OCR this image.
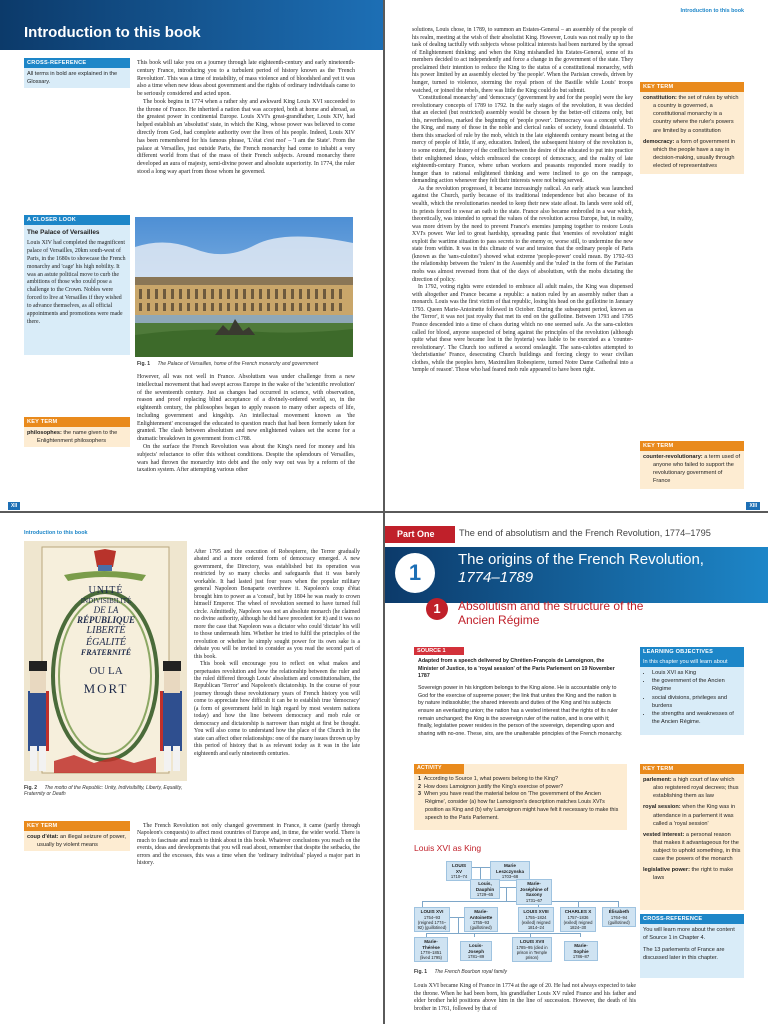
Introduction to this book
CROSS-REFERENCE
All terms in bold are explained in the Glossary.

This book will take you on a journey through late eighteenth-century and early nineteenth-century France, introducing you to a turbulent period of history known as the 'French Revolution'. This was a time of instability, of mass violence and of bloodshed and yet it was also a time when new ideas about government and the rights of ordinary individuals came to be seriously considered and acted upon.

The book begins in 1774 when a rather shy and awkward King Louis XVI succeeded to the throne of France. He inherited a nation that was accepted, both at home and abroad, as the greatest power in continental Europe. Louis XVI's great-grandfather, Louis XIV, had helped establish an 'absolutist' state, in which the King, whose power was believed to come directly from God, had complete authority over the lives of his people. Indeed, Louis XIV has been remembered for his famous phrase, 'L'état c'est moi' – 'I am the State'. From the palace at Versailles, just outside Paris, the French monarchy had come to inhabit a very different world from that of the mass of their French subjects. Around monarchy there developed an aura of majesty, semi-divine power and absolute superiority. In 1774, the ruler stood a long way apart from those whom he governed.

A CLOSER LOOK
The Palace of Versailles
Louis XIV had completed the magnificent palace of Versailles, 20km south-west of Paris, in the 1680s to showcase the French monarchy and 'cage' his high nobility. It was an astute political move to curb the ambitions of those who could pose a challenge to the Crown. Nobles were forced to live at Versailles if they wished to advance themselves, as all official appointments and promotions were made there.
Fig. 1 The Palace of Versailles, home of the French monarchy and government
KEY TERM
philosophes: the name given to the Enlightenment philosophers

However, all was not well in France. Absolutism was under challenge from a new intellectual movement that had swept across Europe in the wake of the 'scientific revolution' of the seventeenth century. Just as changes had occurred in science, with observation, reason and proof replacing blind acceptance of a divinely-ordered world, so, in the eighteenth century, the philosophes began to apply reason to many other aspects of life, including government and kingship. An intellectual movement known as 'the Enlightenment' encouraged the educated to question much that had been formerly taken for granted. The clash between absolutism and new enlightened values set the scene for a dramatic breakdown in government from c1788.

On the surface the French Revolution was about the King's need for money and his subjects' reluctance to offer this without conditions. Despite the splendours of Versailles, wars had thrown the monarchy into debt and the only way out was by a reform of the taxation system. After attempting various other

XII
Introduction to this book

solutions, Louis chose, in 1789, to summon an Estates-General – an assembly of the people of his realm, meeting at the wish of their absolutist King. However, Louis was not really up to the task of dealing tactfully with subjects whose political interests had been nurtured by the spread of Enlightenment thinking; and when the King mishandled his Estates-General, some of its members decided to act independently and force a change in the government of the state. They proclaimed their intention to reduce the King to the status of a constitutional monarchy, with his power limited by an assembly elected by 'the people'. When the Parisian crowds, driven by hunger, turned to violence, storming the royal prison of the Bastille while Louis' troops watched, or joined the rebels, there was little the King could do but submit.

'Constitutional monarchy' and 'democracy' (government by and for the people) were the key revolutionary concepts of 1789 to 1792. In the early stages of the revolution, it was decided that an elected (but restricted) assembly would be chosen by the better-off citizens only, but this, nevertheless, marked the beginning of 'people power'. Democracy was a concept which the King, and many of those in the noble and clerical ranks of society, found distasteful. To them this smacked of rule by the mob, which in the late eighteenth century meant being at the mercy of people of little, if any, education. Indeed, the subsequent history of the revolution is, to some extent, the history of the conflict between the desire of the educated to put into practice their enlightened ideas, which embraced the concept of democracy, and the reality of late eighteenth-century France, where urban workers and peasants responded more readily to hunger than to rational enlightened thinking and were inclined to go on the rampage, demanding action whenever they felt their interests were not being served.

As the revolution progressed, it became increasingly radical. An early attack was launched against the Church, partly because of its traditional independence but also because of its wealth, which the revolutionaries needed to keep their new state afloat. Its lands were sold off, its priests forced to swear an oath to the state. France also became embroiled in a war which, theoretically, was intended to spread the values of the revolution across Europe, but, in reality, was more driven by the need to prevent France's enemies jumping together to restore Louis XVI's power. War led to great hardship, spreading panic that 'enemies of revolution' might exploit the wartime situation to pass secrets to the enemy or, worse still, to undermine the new state from within. It was in this climate of war and tension that the ordinary people of Paris (known as the 'sans-culottes') showed what extreme 'people-power' could mean. By 1792–93 the relationship between the 'rulers' in the Assembly and the 'ruled' in the form of the Parisian mobs was almost reversed from that of the days of absolutism, with the mobs dictating the direction of policy.

In 1792, voting rights were extended to embrace all adult males, the King was dispensed with altogether and France became a republic: a nation ruled by an assembly rather than a monarch. Louis was the first victim of that republic, losing his head on the guillotine in January 1793. Queen Marie-Antoinette followed in October. During the subsequent period, known as the 'Terror', it was not just royalty that met its end on the guillotine. Between 1793 and 1795 France descended into a time of chaos during which no one seemed safe. As the sans-culottes called for blood, anyone suspected of being against the principles of the revolution (although quite what these were became lost in the hysteria) was liable to be executed as a 'counter-revolutionary'. The Church too suffered a second onslaught. The sans-culottes attempted to 'dechristianise' France, desecrating Church buildings and forcing clergy to wear civilian clothes, while the peoples hero, Maximilien Robespierre, turned Notre Dame Cathedral into a 'temple of reason'. Those who had feared mob rule appeared to have been right.

KEY TERM
constitution: the set of rules by which a country is governed, a constitutional monarchy is a country where the ruler's powers are limited by a constitution
democracy: a form of government in which the people have a say in decision-making, usually through elected of representatives
KEY TERM
counter-revolutionary: a term used of anyone who failed to support the revolutionary government of France
XIII
Introduction to this book
UNITÉ
INDIVISIBILITÉ
DE LA
RÉPUBLIQUE
LIBERTÉ
ÉGALITÉ
FRATERNITÉ
OU LA
MORT
Fig. 2 The motto of the Republic: Unity, Indivisibility, Liberty, Equality, Fraternity or Death
KEY TERM
coup d'état: an illegal seizure of power, usually by violent means

After 1795 and the execution of Robespierre, the Terror gradually abated and a more ordered form of democracy emerged. A new government, the Directory, was established but its operation was restricted by so many checks and safeguards that it was barely workable. It had lasted just four years when the popular military general Napoleon Bonaparte overthrew it. Napoleon's coup d'état brought him to power as a 'consul', but by 1804 he was ready to crown himself Emperor. The wheel of revolution seemed to have turned full circle. Admittedly, Napoleon was not an absolute monarch (he claimed no divine authority, although he did have precedent for it) and it was no more the case that Napoleon was a dictator who could 'dictate' his will to those underneath him. Whether he tried to fulfil the principles of the revolution or whether he simply sought power for its own sake is a debate you will be invited to consider as you read the second part of this book.

This book will encourage you to reflect on what makes and perpetuates revolution and how the relationship between the ruler and the ruled differed through Louis' absolutism and constitutionalism, the Republican 'Terror' and Napoleon's dictatorship. In the course of your journey through these revolutionary years of French history you will come to appreciate how difficult it can be to establish true 'democracy' (a form of government held in high regard by most western nations today) and how the line between democracy and mob rule or democracy and dictatorship is narrower than might at first be thought. You will also come to understand how the place of the Church in the state can affect other relationships: one of the many issues thrown up by this period of history that is as relevant today as it was in the late eighteenth and early nineteenth centuries.

The French Revolution not only changed government in France, it came (partly through Napoleon's conquests) to affect most countries of Europe and, in time, the wider world. There is much to fascinate and much to think about in this book. Whatever conclusions you reach on the events, ideas and developments that you will read about, remember that despite the setbacks, the errors and the excesses, this was a time when the 'ordinary individual' played a major part in history.

Part One	The end of absolutism and the French Revolution, 1774–1795
1
The origins of the French Revolution,
1774–1789
1	Absolutism and the structure of the
Ancien Régime
SOURCE 1
Adapted from a speech delivered by Chrétien-François de Lamoignon, the Minister of Justice, to a 'royal session' of the Paris Parlement on 19 November 1787
Sovereign power in his kingdom belongs to the King alone. He is accountable only to God for the exercise of supreme power; the link that unites the King and the nation is by nature indissoluble; the shared interests and duties of the King and his subjects ensure an everlasting union; the nation has a vested interest that the rights of its ruler remain unchanged; the King is the sovereign ruler of the nation, and is one with it; finally, legislative power resides in the person of the sovereign, depending upon and sharing with no-one. These, sirs, are the unalterable principles of the French monarchy.
ACTIVITY
1 According to Source 1, what powers belong to the King?
2 How does Lamoignon justify the King's exercise of power?
3 When you have read the material below on 'The government of the Ancien Régime', consider (a) how far Lamoignon's description matches Louis XVI's position as King and (b) why Lamoignon might have felt it necessary to make this speech to the Paris Parlement.
LEARNING OBJECTIVES
In this chapter you will learn about
• Louis XVI as King
• the government of the Ancien Régime
• social divisions, privileges and burdens
• the strengths and weaknesses of the Ancien Régime.
KEY TERM
parlement: a high court of law which also registered royal decrees; thus establishing them as law
royal session: when the King was in attendance in a parlement it was called a 'royal session'
vested interest: a personal reason that makes it advantageous for the subject to uphold something, in this case the powers of the monarch
legislative power: the right to make laws
CROSS-REFERENCE
You will learn more about the content of Source 1 in Chapter 4.
The 13 parlements of France are discussed later in this chapter.
Louis XVI as King
LOUIS XV
1710–74
Marie Leszczynska
1703–68
Louis, Dauphin
1729–65
Marie-Joséphine of Saxony
1731–67
LOUIS XVI
1754–93 (reigned 1774–92) (guillotined)
Marie-Antoinette
1755–93 (guillotined)
LOUIS XVIII
1755–1824 (exiled) reigned 1814–24
CHARLES X
1757–1836 (exiled) reigned 1824–30
Élisabeth
1764–94 (guillotined)
Marie-Thérèse
1778–1851 (lived 1795)
Louis-Joseph
1781–89
LOUIS XVII
1785–95 (died in prison in Temple prison)
Marie-Sophie
1786–87
Fig. 1 The French Bourbon royal family

Louis XVI became King of France in 1774 at the age of 20. He had not always expected to take the throne. When he had been born, his grandfather Louis XV ruled France and his father and elder brother held positions above him in the line of succession. However, the death of his brother in 1761, followed by that of
